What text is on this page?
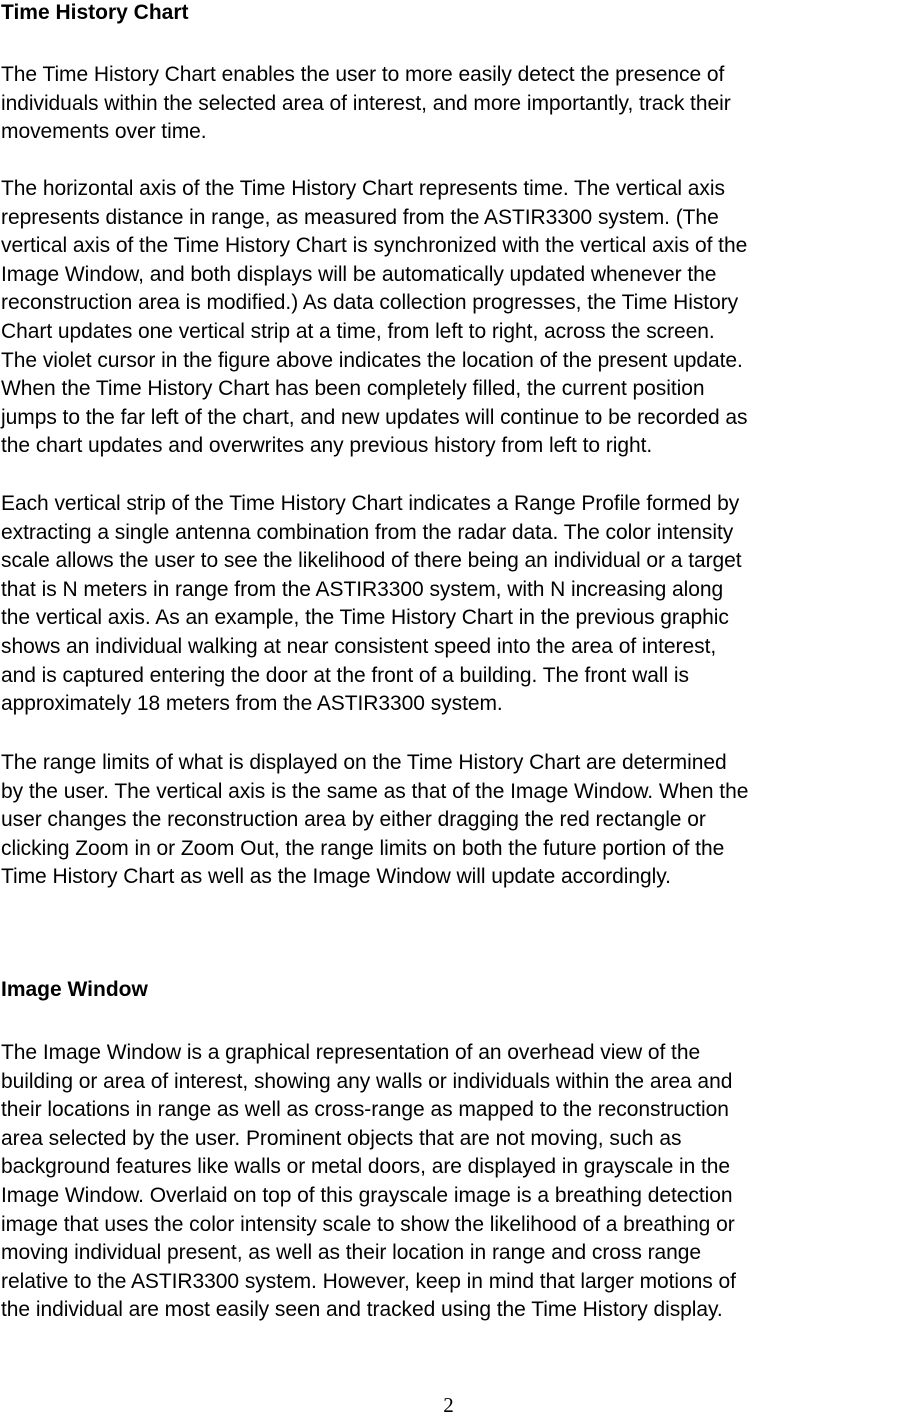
Time History Chart

The Time History Chart enables the user to more easily detect the presence of
individuals within the selected area of interest, and more importantly, track their
movements over time.

The horizontal axis of the Time History Chart represents time. The vertical axis
represents distance in range, as measured from the ASTIR3300 system. (The
vertical axis of the Time History Chart is synchronized with the vertical axis of the
Image Window, and both displays will be automatically updated whenever the
reconstruction area is modified.) As data collection progresses, the Time History
Chart updates one vertical strip at a time, from left to right, across the screen.
The violet cursor in the figure above indicates the location of the present update.
When the Time History Chart has been completely filled, the current position
jumps to the far left of the chart, and new updates will continue to be recorded as
the chart updates and overwrites any previous history from left to right.

Each vertical strip of the Time History Chart indicates a Range Profile formed by
extracting a single antenna combination from the radar data. The color intensity
scale allows the user to see the likelihood of there being an individual or a target
that is N meters in range from the ASTIR3300 system, with N increasing along
the vertical axis. As an example, the Time History Chart in the previous graphic
shows an individual walking at near consistent speed into the area of interest,
and is captured entering the door at the front of a building. The front wall is
approximately 18 meters from the ASTIR3300 system.

The range limits of what is displayed on the Time History Chart are determined
by the user. The vertical axis is the same as that of the Image Window. When the
user changes the reconstruction area by either dragging the red rectangle or
clicking Zoom in or Zoom Out, the range limits on both the future portion of the
Time History Chart as well as the Image Window will update accordingly.

Image Window

The Image Window is a graphical representation of an overhead view of the
building or area of interest, showing any walls or individuals within the area and
their locations in range as well as cross-range as mapped to the reconstruction
area selected by the user. Prominent objects that are not moving, such as
background features like walls or metal doors, are displayed in grayscale in the
Image Window. Overlaid on top of this grayscale image is a breathing detection
image that uses the color intensity scale to show the likelihood of a breathing or
moving individual present, as well as their location in range and cross range
relative to the ASTIR3300 system. However, keep in mind that larger motions of
the individual are most easily seen and tracked using the Time History display.

2
